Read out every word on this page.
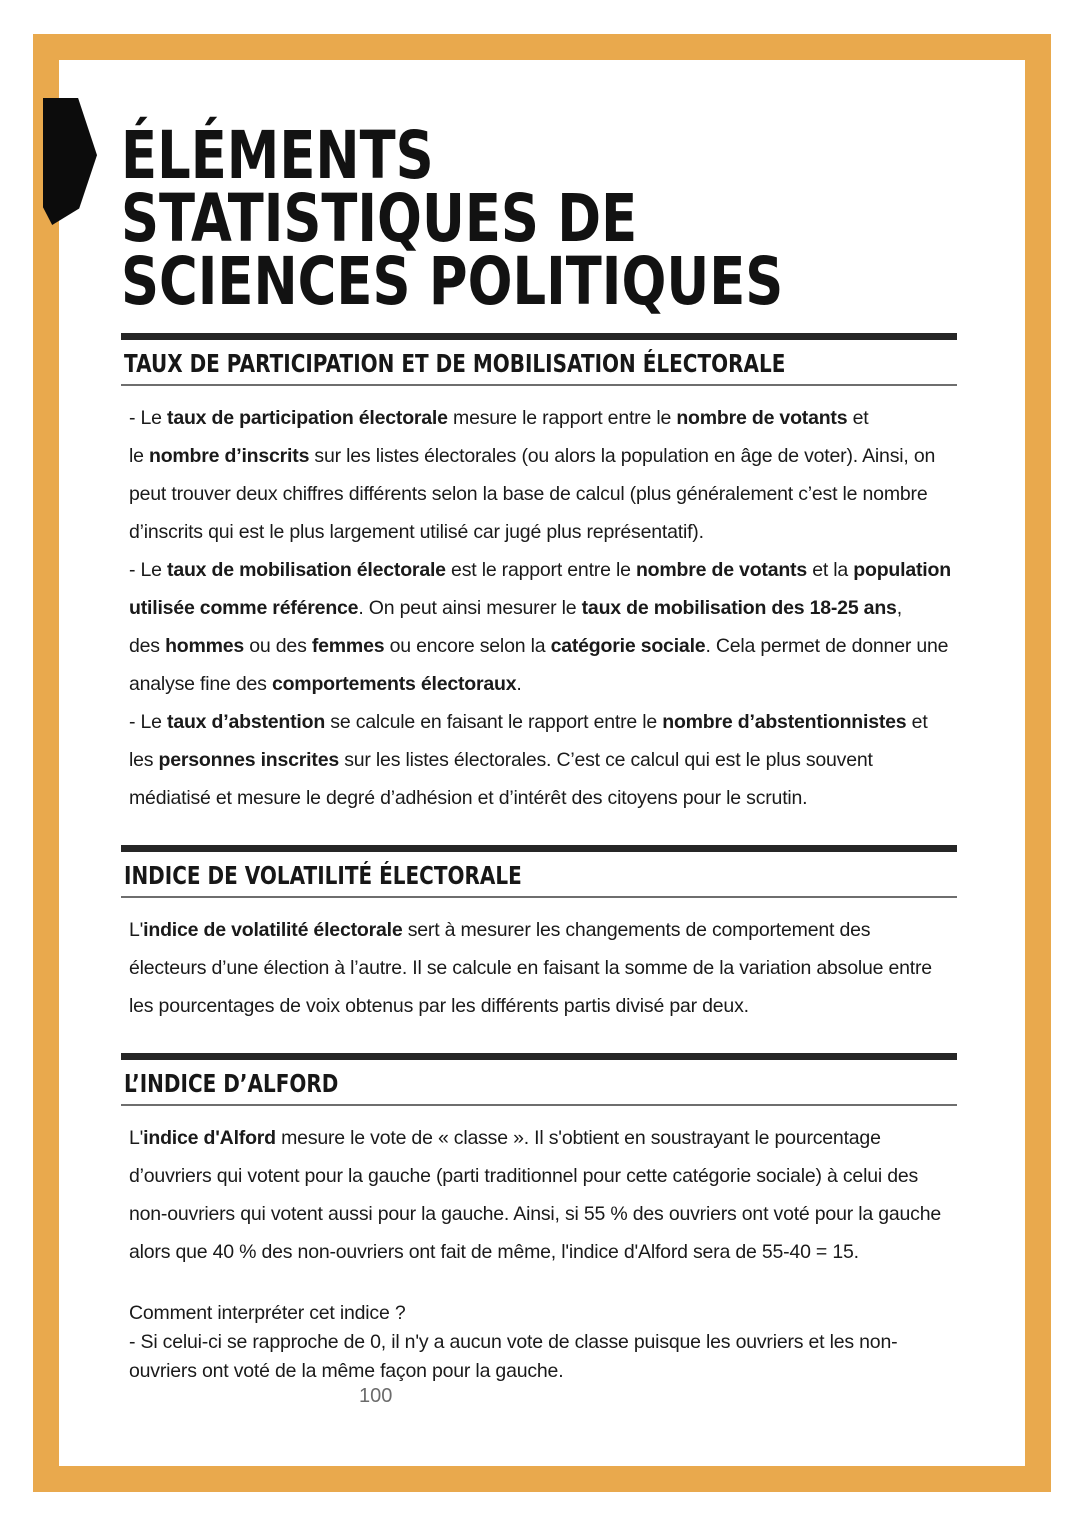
ÉLÉMENTS
STATISTIQUES DE
SCIENCES POLITIQUES
TAUX DE PARTICIPATION ET DE MOBILISATION ÉLECTORALE
- Le taux de participation électorale mesure le rapport entre le nombre de votants et
le nombre d’inscrits sur les listes électorales (ou alors la population en âge de voter). Ainsi, on
peut trouver deux chiffres différents selon la base de calcul (plus généralement c’est le nombre
d’inscrits qui est le plus largement utilisé car jugé plus représentatif).
- Le taux de mobilisation électorale est le rapport entre le nombre de votants et la population
utilisée comme référence. On peut ainsi mesurer le taux de mobilisation des 18-25 ans,
des hommes ou des femmes ou encore selon la catégorie sociale. Cela permet de donner une
analyse fine des comportements électoraux.
- Le taux d’abstention se calcule en faisant le rapport entre le nombre d’abstentionnistes et
les personnes inscrites sur les listes électorales. C’est ce calcul qui est le plus souvent
médiatisé et mesure le degré d’adhésion et d’intérêt des citoyens pour le scrutin.
INDICE DE VOLATILITÉ ÉLECTORALE
L'indice de volatilité électorale sert à mesurer les changements de comportement des
électeurs d’une élection à l’autre. Il se calcule en faisant la somme de la variation absolue entre
les pourcentages de voix obtenus par les différents partis divisé par deux.
L’INDICE D’ALFORD
L'indice d'Alford mesure le vote de « classe ». Il s'obtient en soustrayant le pourcentage
d’ouvriers qui votent pour la gauche (parti traditionnel pour cette catégorie sociale) à celui des
non-ouvriers qui votent aussi pour la gauche. Ainsi, si 55 % des ouvriers ont voté pour la gauche
alors que 40 % des non-ouvriers ont fait de même, l'indice d'Alford sera de 55-40 = 15.
Comment interpréter cet indice ?
- Si celui-ci se rapproche de 0, il n'y a aucun vote de classe puisque les ouvriers et les non-
ouvriers ont voté de la même façon pour la gauche.
100
